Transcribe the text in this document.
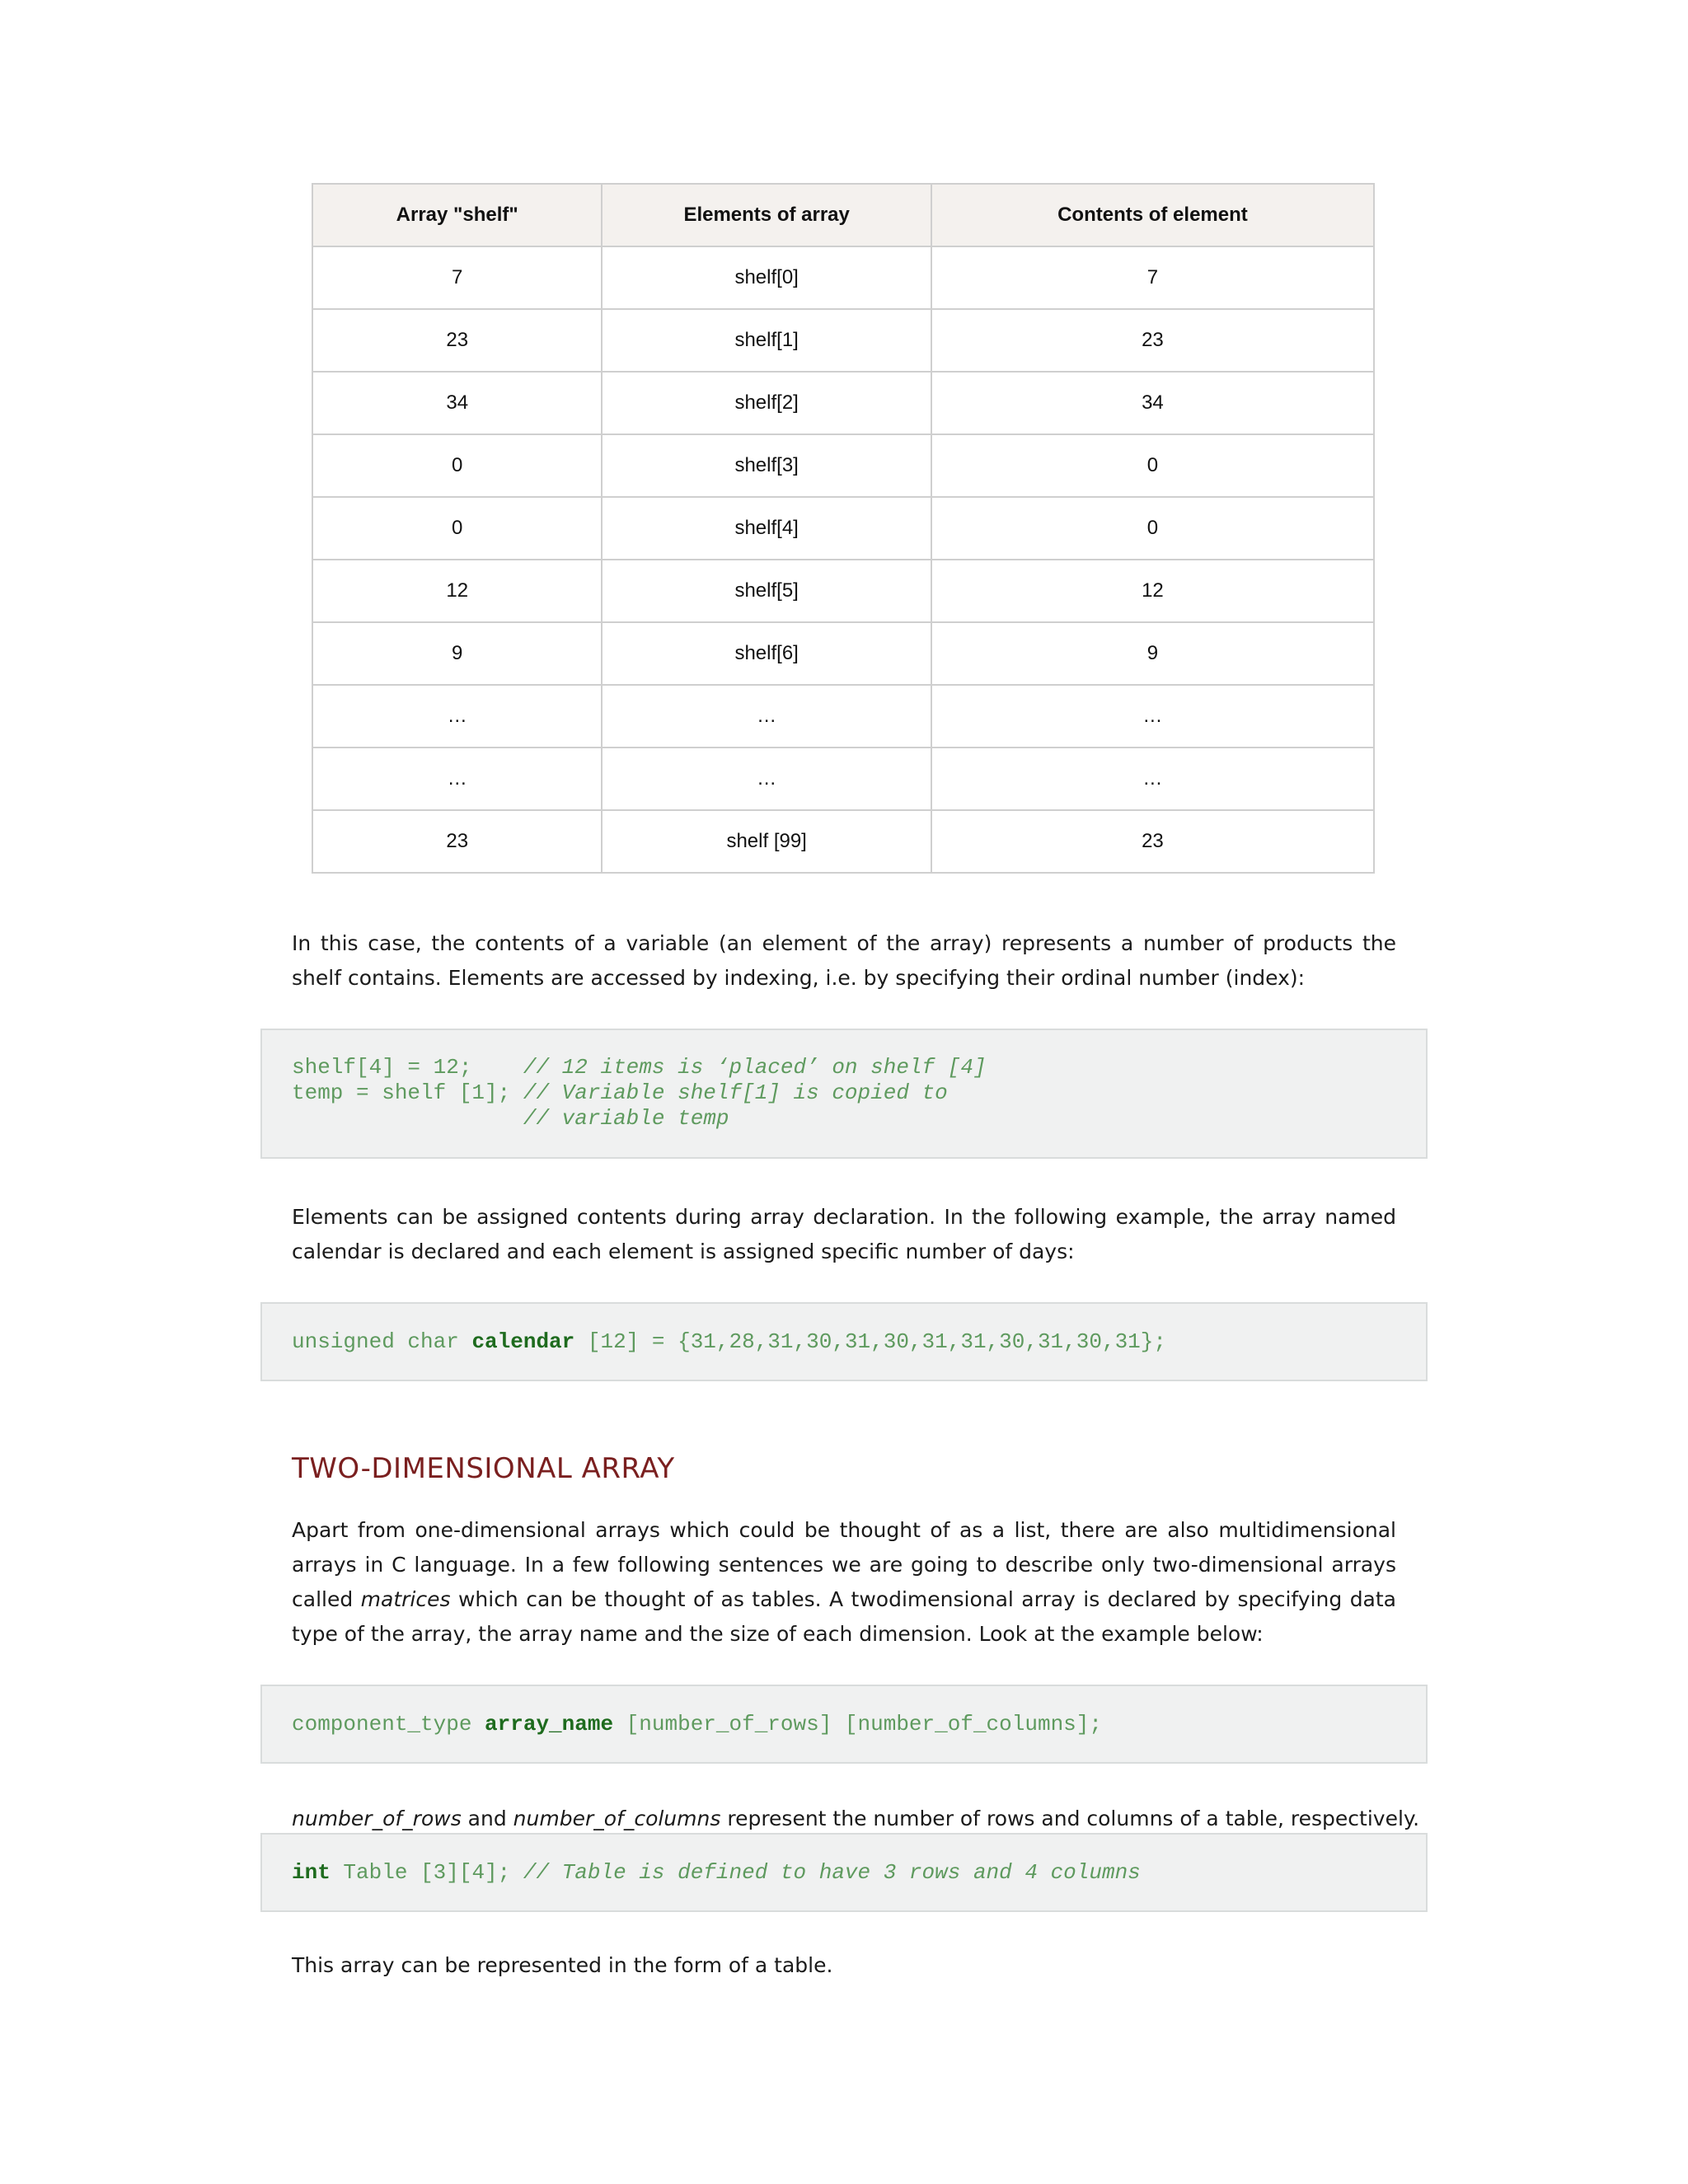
Array "shelf"	Elements of array	Contents of element
7	shelf[0]	7
23	shelf[1]	23
34	shelf[2]	34
0	shelf[3]	0
0	shelf[4]	0
12	shelf[5]	12
9	shelf[6]	9
…	…	…
…	…	…
23	shelf [99]	23

In this case, the contents of a variable (an element of the array) represents a number of products the shelf contains. Elements are accessed by indexing, i.e. by specifying their ordinal number (index):

shelf[4] = 12;    // 12 items is ‘placed’ on shelf [4]
temp = shelf [1]; // Variable shelf[1] is copied to
// variable temp

Elements can be assigned contents during array declaration. In the following example, the array named calendar is declared and each element is assigned specific number of days:

unsigned char calendar [12] = {31,28,31,30,31,30,31,31,30,31,30,31};
TWO-DIMENSIONAL ARRAY

Apart from one-dimensional arrays which could be thought of as a list, there are also multidimensional arrays in C language. In a few following sentences we are going to describe only two-dimensional arrays called matrices which can be thought of as tables. A twodimensional array is declared by specifying data type of the array, the array name and the size of each dimension. Look at the example below:

component_type array_name [number_of_rows] [number_of_columns];

number_of_rows and number_of_columns represent the number of rows and columns of a table, respectively.

int Table [3][4]; // Table is defined to have 3 rows and 4 columns

This array can be represented in the form of a table.
